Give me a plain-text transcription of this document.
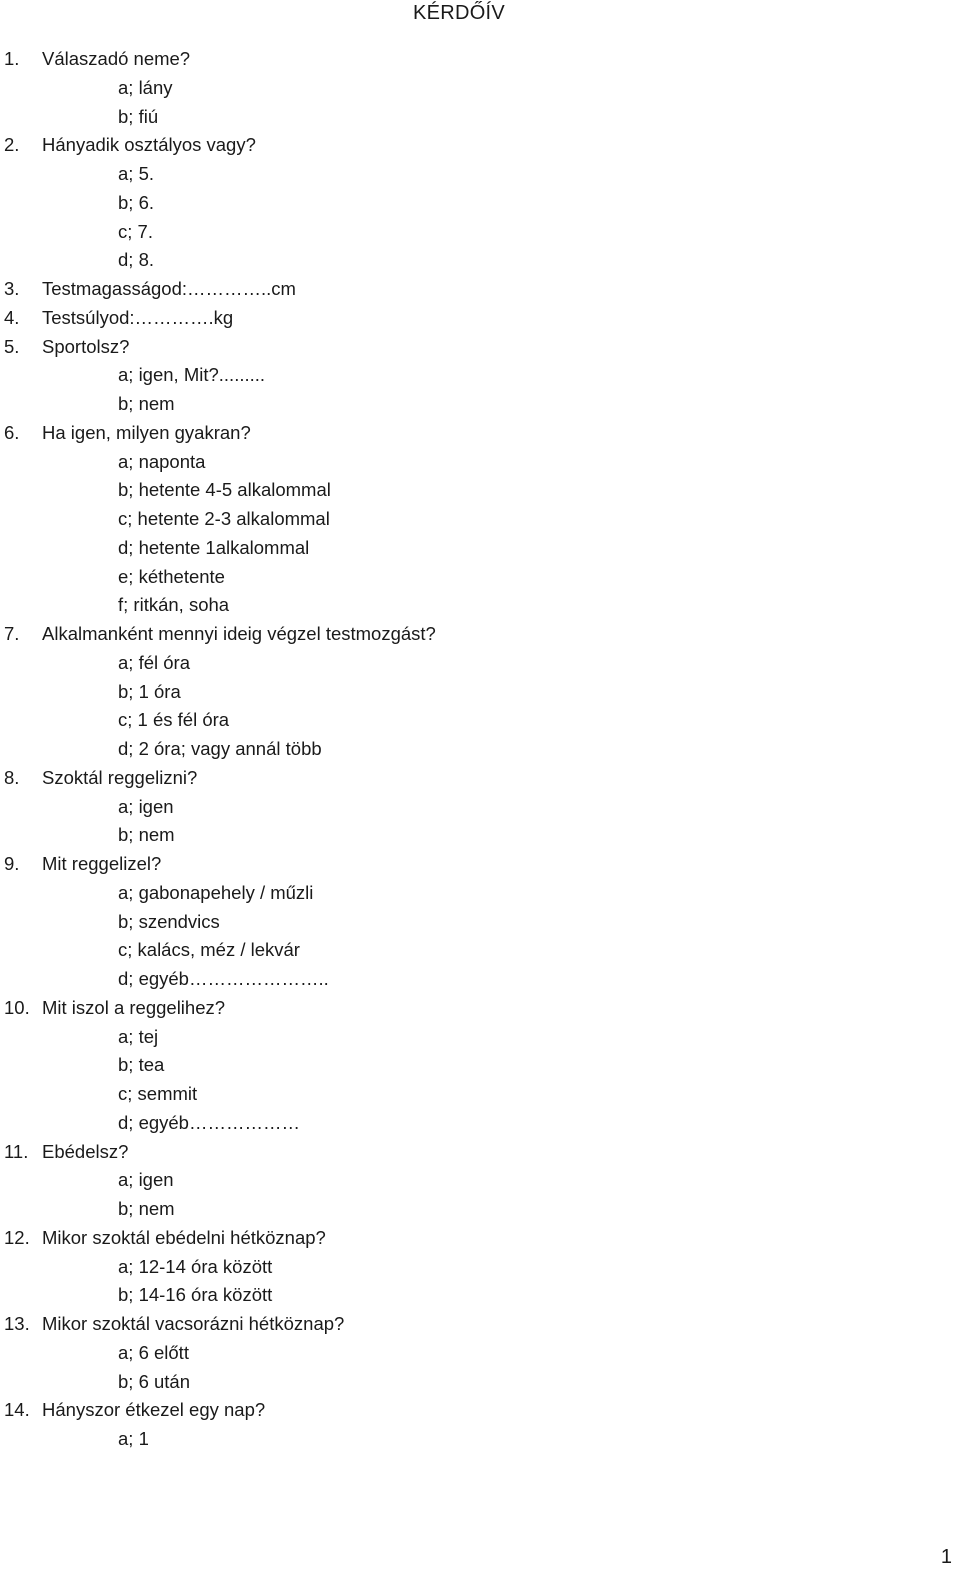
KÉRDŐÍV
1.	Válaszadó neme?
a; lány
b; fiú
2.	Hányadik osztályos vagy?
a; 5.
b; 6.
c; 7.
d; 8.
3.	Testmagasságod:…………..cm
4.	Testsúlyod:………….kg
5.	Sportolsz?
a; igen, Mit?.........
b; nem
6.	Ha igen, milyen gyakran?
a; naponta
b; hetente 4-5 alkalommal
c; hetente 2-3 alkalommal
d; hetente 1alkalommal
e; kéthetente
f; ritkán, soha
7.	Alkalmanként mennyi ideig végzel testmozgást?
a; fél óra
b; 1 óra
c; 1 és fél óra
d; 2 óra; vagy annál több
8.	Szoktál reggelizni?
a; igen
b; nem
9.	Mit reggelizel?
a; gabonapehely / műzli
b; szendvics
c; kalács, méz / lekvár
d; egyéb…………………..
10. Mit iszol a reggelihez?
a; tej
b; tea
c; semmit
d; egyéb………………
11. Ebédelsz?
a; igen
b; nem
12. Mikor szoktál ebédelni hétköznap?
a; 12-14 óra között
b; 14-16 óra között
13. Mikor szoktál vacsorázni hétköznap?
a; 6 előtt
b; 6 után
14. Hányszor étkezel egy nap?
a; 1
1
